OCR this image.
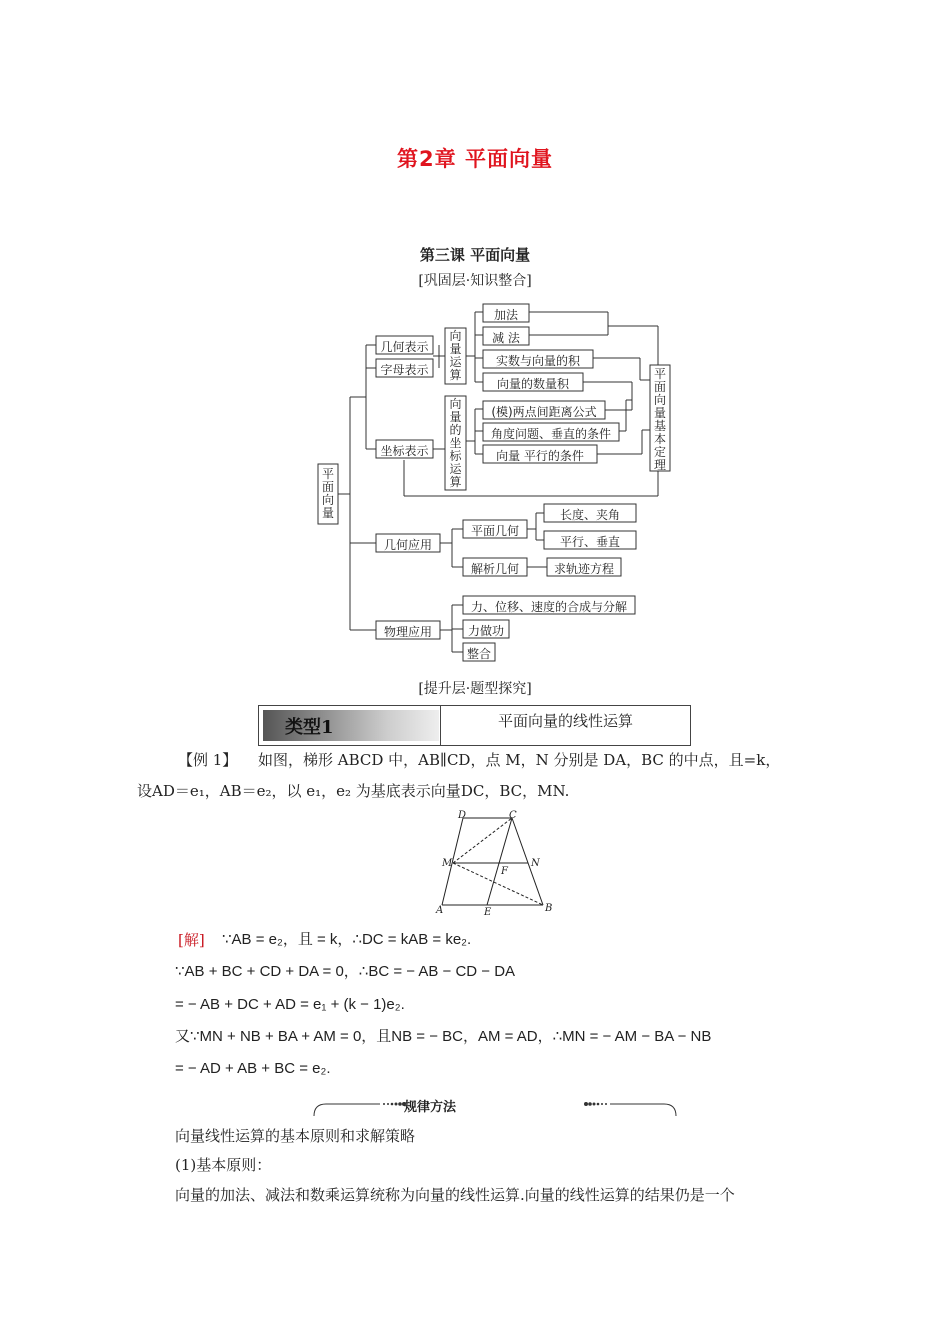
第2章 平面向量
第三课 平面向量
[巩固层·知识整合]
平面向量
几何表示
字母表示
坐标表示
向量运算
向量的坐标运算
加法
减 法
实数与向量的积
向量的数量积
(模)两点间距离公式
角度问题、垂直的条件
向量 平行的条件
平面向量基本定理
几何应用
平面几何
解析几何
长度、夹角
平行、垂直
求轨迹方程
物理应用
力、位移、速度的合成与分解
力做功
整合
[提升层·题型探究]
类型1	平面向量的线性运算
【例 1】 如图，梯形 ABCD 中，AB∥CD，点 M，N 分别是 DA，BC 的中点，且=k，
设AD＝e₁，AB＝e₂，以 e₁，e₂ 为基底表示向量DC，BC，MN.
D	C
M	N
F
A	E	B
[解] ∵AB = e₂，且 = k，∴DC = kAB = ke₂.
∵AB + BC + CD + DA = 0，∴BC = − AB − CD − DA
= − AB + DC + AD = e₁ + (k − 1)e₂.
又∵MN + NB + BA + AM = 0，且NB = − BC，AM = AD，∴MN = − AM − BA − NB
= − AD + AB + BC = e₂.
规律方法
向量线性运算的基本原则和求解策略
(1)基本原则：
向量的加法、减法和数乘运算统称为向量的线性运算.向量的线性运算的结果仍是一个
